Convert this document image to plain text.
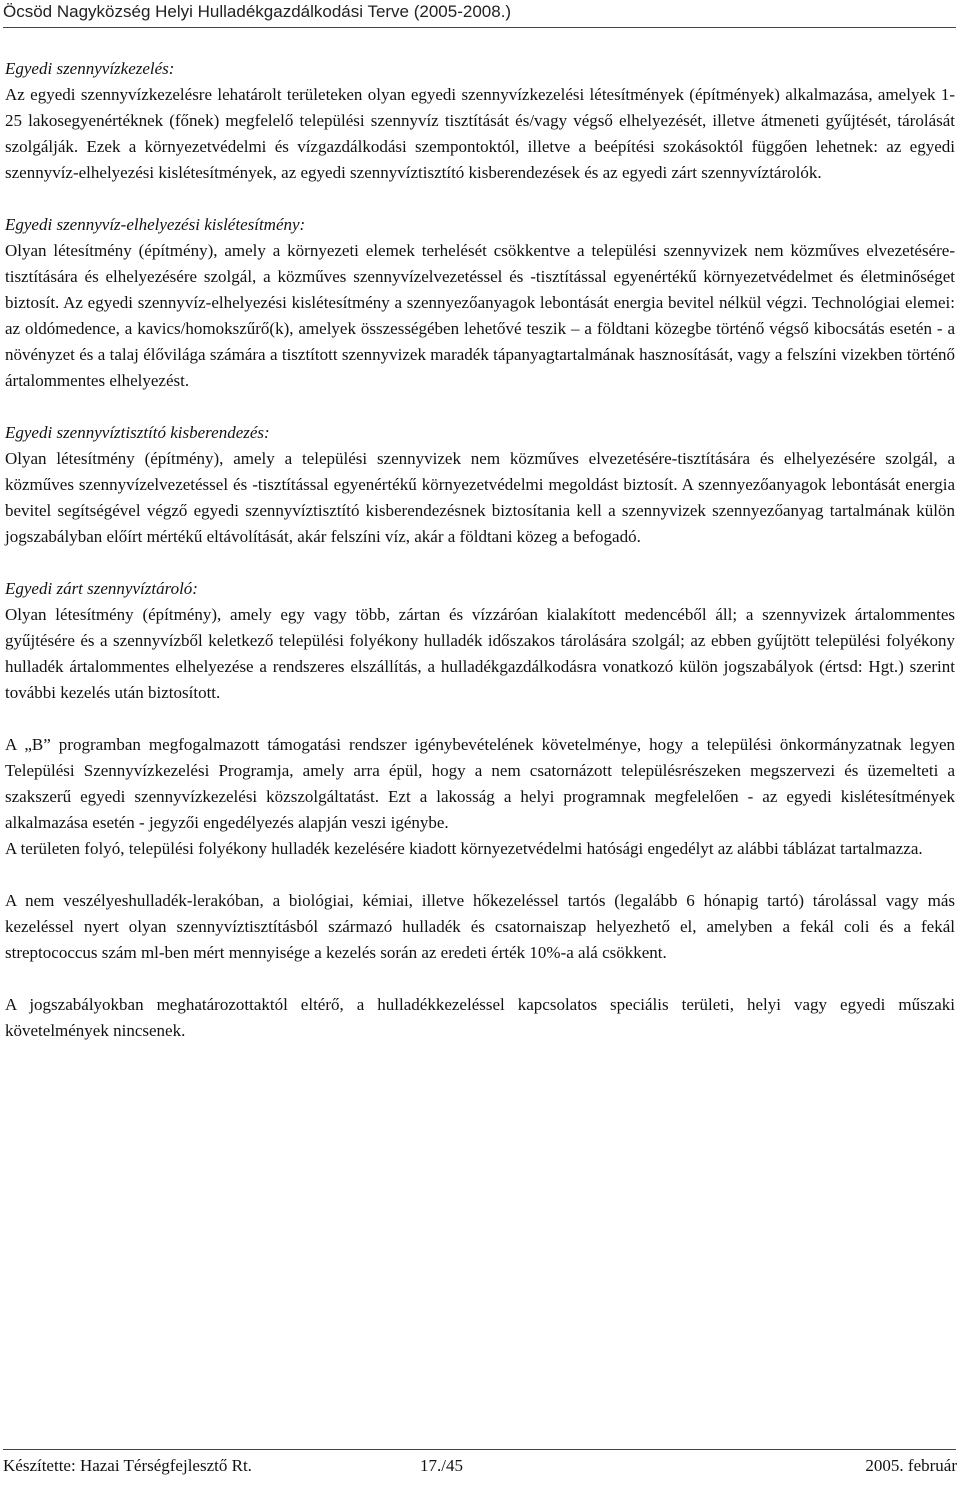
Öcsöd Nagyközség Helyi Hulladékgazdálkodási Terve (2005-2008.)

Egyedi szennyvízkezelés:

Az egyedi szennyvízkezelésre lehatárolt területeken olyan egyedi szennyvízkezelési létesítmények (építmények) alkalmazása, amelyek 1-25 lakosegyenértéknek (főnek) megfelelő települési szennyvíz tisztítását és/vagy végső elhelyezését, illetve átmeneti gyűjtését, tárolását szolgálják. Ezek a környezetvédelmi és vízgazdálkodási szempontoktól, illetve a beépítési szokásoktól függően lehetnek: az egyedi szennyvíz-elhelyezési kislétesítmények, az egyedi szennyvíztisztító kisberendezések és az egyedi zárt szennyvíztárolók.

Egyedi szennyvíz-elhelyezési kislétesítmény:

Olyan létesítmény (építmény), amely a környezeti elemek terhelését csökkentve a települési szennyvizek nem közműves elvezetésére-tisztítására és elhelyezésére szolgál, a közműves szennyvízelvezetéssel és -tisztítással egyenértékű környezetvédelmet és életminőséget biztosít. Az egyedi szennyvíz-elhelyezési kislétesítmény a szennyezőanyagok lebontását energia bevitel nélkül végzi. Technológiai elemei: az oldómedence, a kavics/homokszűrő(k), amelyek összességében lehetővé teszik – a földtani közegbe történő végső kibocsátás esetén - a növényzet és a talaj élővilága számára a tisztított szennyvizek maradék tápanyagtartalmának hasznosítását, vagy a felszíni vizekben történő ártalommentes elhelyezést.

Egyedi szennyvíztisztító kisberendezés:

Olyan létesítmény (építmény), amely a települési szennyvizek nem közműves elvezetésére-tisztítására és elhelyezésére szolgál, a közműves szennyvízelvezetéssel és -tisztítással egyenértékű környezetvédelmi megoldást biztosít. A szennyezőanyagok lebontását energia bevitel segítségével végző egyedi szennyvíztisztító kisberendezésnek biztosítania kell a szennyvizek szennyezőanyag tartalmának külön jogszabályban előírt mértékű eltávolítását, akár felszíni víz, akár a földtani közeg a befogadó.

Egyedi zárt szennyvíztároló:

Olyan létesítmény (építmény), amely egy vagy több, zártan és vízzáróan kialakított medencéből áll; a szennyvizek ártalommentes gyűjtésére és a szennyvízből keletkező települési folyékony hulladék időszakos tárolására szolgál; az ebben gyűjtött települési folyékony hulladék ártalommentes elhelyezése a rendszeres elszállítás, a hulladékgazdálkodásra vonatkozó külön jogszabályok (értsd: Hgt.) szerint további kezelés után biztosított.

A „B” programban megfogalmazott támogatási rendszer igénybevételének követelménye, hogy a települési önkormányzatnak legyen Települési Szennyvízkezelési Programja, amely arra épül, hogy a nem csatornázott településrészeken megszervezi és üzemelteti a szakszerű egyedi szennyvízkezelési közszolgáltatást. Ezt a lakosság a helyi programnak megfelelően - az egyedi kislétesítmények alkalmazása esetén - jegyzői engedélyezés alapján veszi igénybe.

A területen folyó, települési folyékony hulladék kezelésére kiadott környezetvédelmi hatósági engedélyt az alábbi táblázat tartalmazza.

A nem veszélyeshulladék-lerakóban, a biológiai, kémiai, illetve hőkezeléssel tartós (legalább 6 hónapig tartó) tárolással vagy más kezeléssel nyert olyan szennyvíztisztításból származó hulladék és csatornaiszap helyezhető el, amelyben a fekál coli és a fekál streptococcus szám ml-ben mért mennyisége a kezelés során az eredeti érték 10%-a alá csökkent.

A jogszabályokban meghatározottaktól eltérő, a hulladékkezeléssel kapcsolatos speciális területi, helyi vagy egyedi műszaki követelmények nincsenek.

Készítette: Hazai Térségfejlesztő Rt.	17./45	2005. február
